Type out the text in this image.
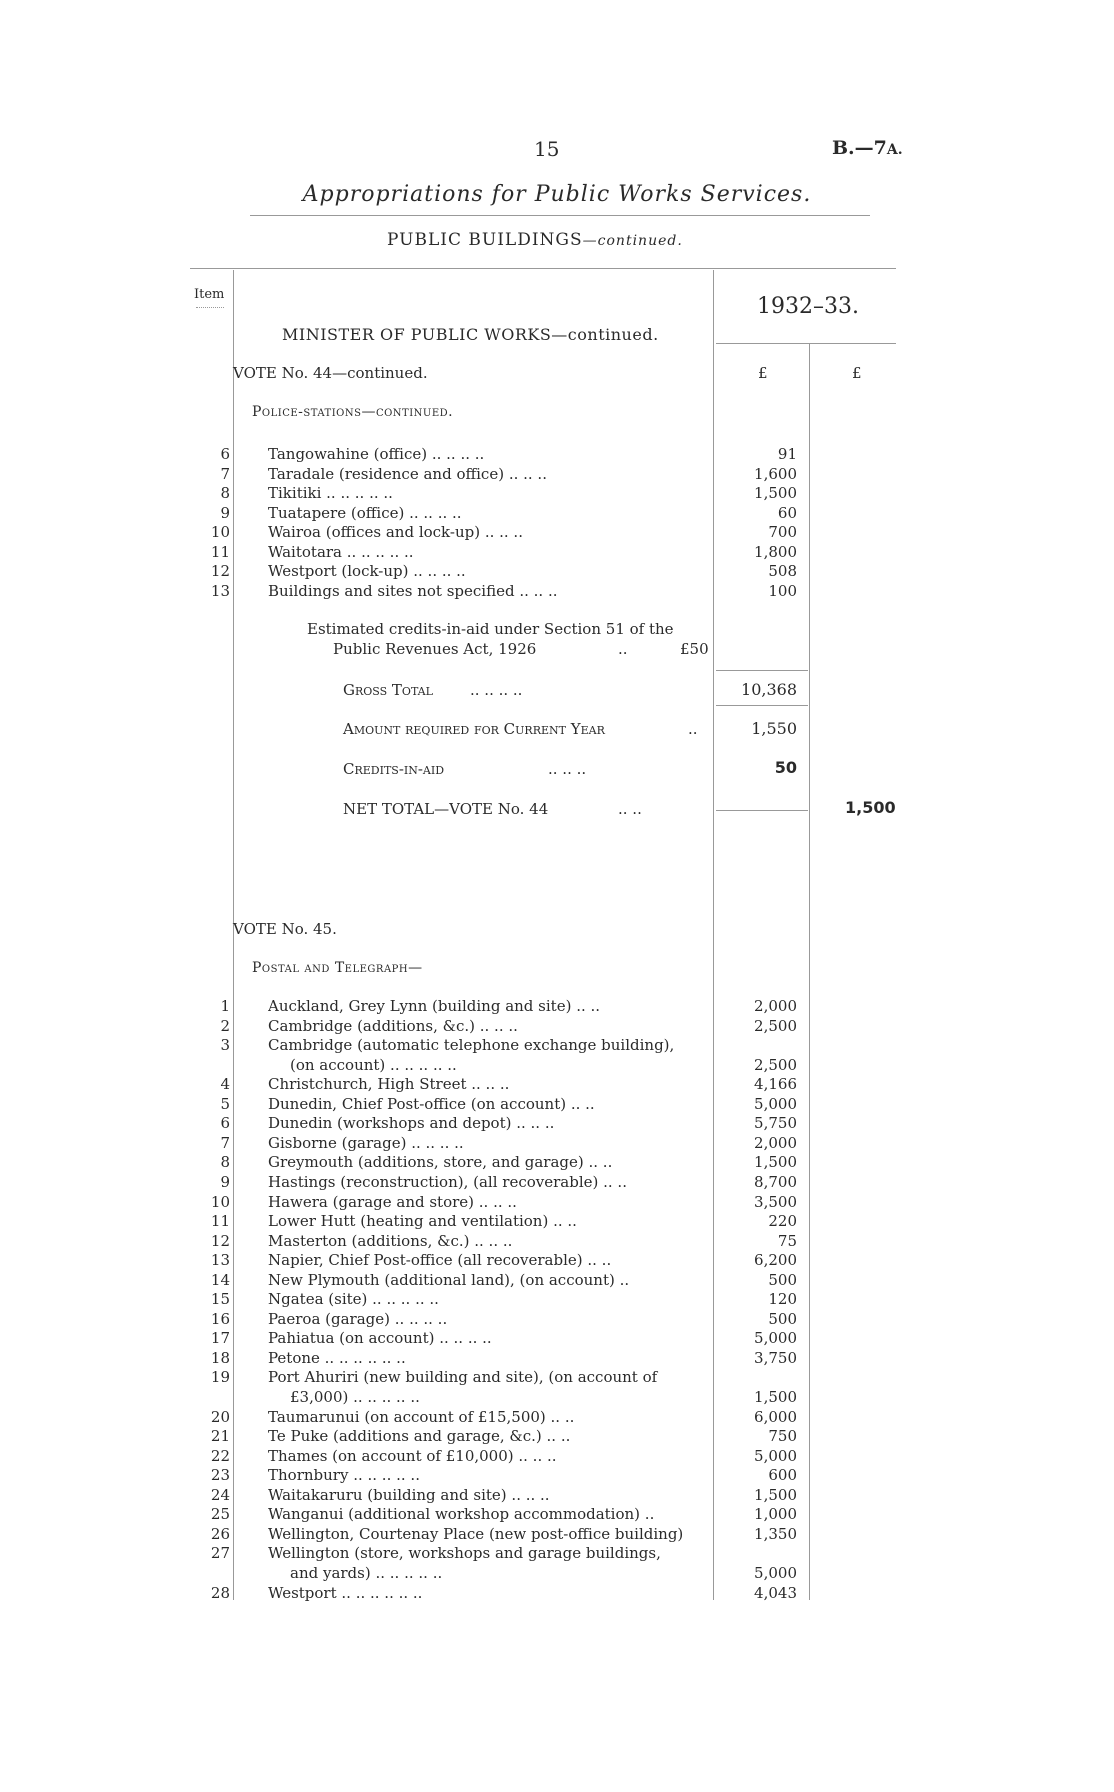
15	B.—7A.
Appropriations for Public Works Services.
PUBLIC BUILDINGS—continued.
Item	1932–33.
MINISTER OF PUBLIC WORKS—continued.
£	£
VOTE No. 44—continued.
Police-stations—continued.
6	Tangowahine (office) .. .. .. ..	91
7	Taradale (residence and office) .. .. ..	1,600
8	Tikitiki .. .. .. .. ..	1,500
9	Tuatapere (office) .. .. .. ..	60
10	Wairoa (offices and lock-up) .. .. ..	700
11	Waitotara .. .. .. .. ..	1,800
12	Westport (lock-up) .. .. .. ..	508
13	Buildings and sites not specified .. .. ..	100
Estimated credits-in-aid under Section 51 of the
Public Revenues Act, 1926	..	£50
Gross Total .. .. .. ..	10,368
Amount required for Current Year	..	1,550
Credits-in-aid	.. .. ..	50
NET TOTAL—VOTE No. 44	.. ..	1,500
VOTE No. 45.
Postal and Telegraph—
1	Auckland, Grey Lynn (building and site) .. ..	2,000
2	Cambridge (additions, &c.) .. .. ..	2,500
3	Cambridge (automatic telephone exchange building),
(on account) .. .. .. .. ..	2,500
4	Christchurch, High Street .. .. ..	4,166
5	Dunedin, Chief Post-office (on account) .. ..	5,000
6	Dunedin (workshops and depot) .. .. ..	5,750
7	Gisborne (garage) .. .. .. ..	2,000
8	Greymouth (additions, store, and garage) .. ..	1,500
9	Hastings (reconstruction), (all recoverable) .. ..	8,700
10	Hawera (garage and store) .. .. ..	3,500
11	Lower Hutt (heating and ventilation) .. ..	220
12	Masterton (additions, &c.) .. .. ..	75
13	Napier, Chief Post-office (all recoverable) .. ..	6,200
14	New Plymouth (additional land), (on account) ..	500
15	Ngatea (site) .. .. .. .. ..	120
16	Paeroa (garage) .. .. .. ..	500
17	Pahiatua (on account) .. .. .. ..	5,000
18	Petone .. .. .. .. .. ..	3,750
19	Port Ahuriri (new building and site), (on account of
£3,000) .. .. .. .. ..	1,500
20	Taumarunui (on account of £15,500) .. ..	6,000
21	Te Puke (additions and garage, &c.) .. ..	750
22	Thames (on account of £10,000) .. .. ..	5,000
23	Thornbury .. .. .. .. ..	600
24	Waitakaruru (building and site) .. .. ..	1,500
25	Wanganui (additional workshop accommodation) ..	1,000
26	Wellington, Courtenay Place (new post-office building)	1,350
27	Wellington (store, workshops and garage buildings,
and yards) .. .. .. .. ..	5,000
28	Westport .. .. .. .. .. ..	4,043
